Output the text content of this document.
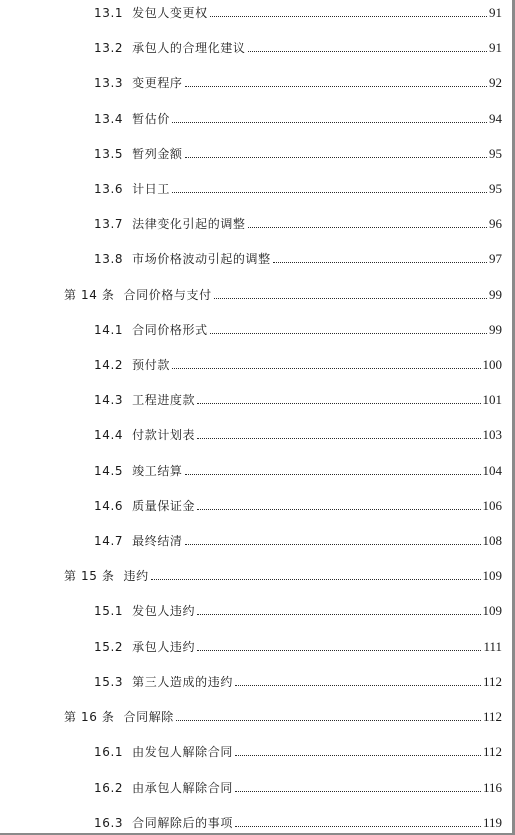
13.1 发包人变更权	91
13.2 承包人的合理化建议	91
13.3 变更程序	92
13.4 暂估价	94
13.5 暂列金额	95
13.6 计日工	95
13.7 法律变化引起的调整	96
13.8 市场价格波动引起的调整	97
第 14 条 合同价格与支付	99
14.1 合同价格形式	99
14.2 预付款	100
14.3 工程进度款	101
14.4 付款计划表	103
14.5 竣工结算	104
14.6 质量保证金	106
14.7 最终结清	108
第 15 条 违约	109
15.1 发包人违约	109
15.2 承包人违约	111
15.3 第三人造成的违约	112
第 16 条 合同解除	112
16.1 由发包人解除合同	112
16.2 由承包人解除合同	116
16.3 合同解除后的事项	119
